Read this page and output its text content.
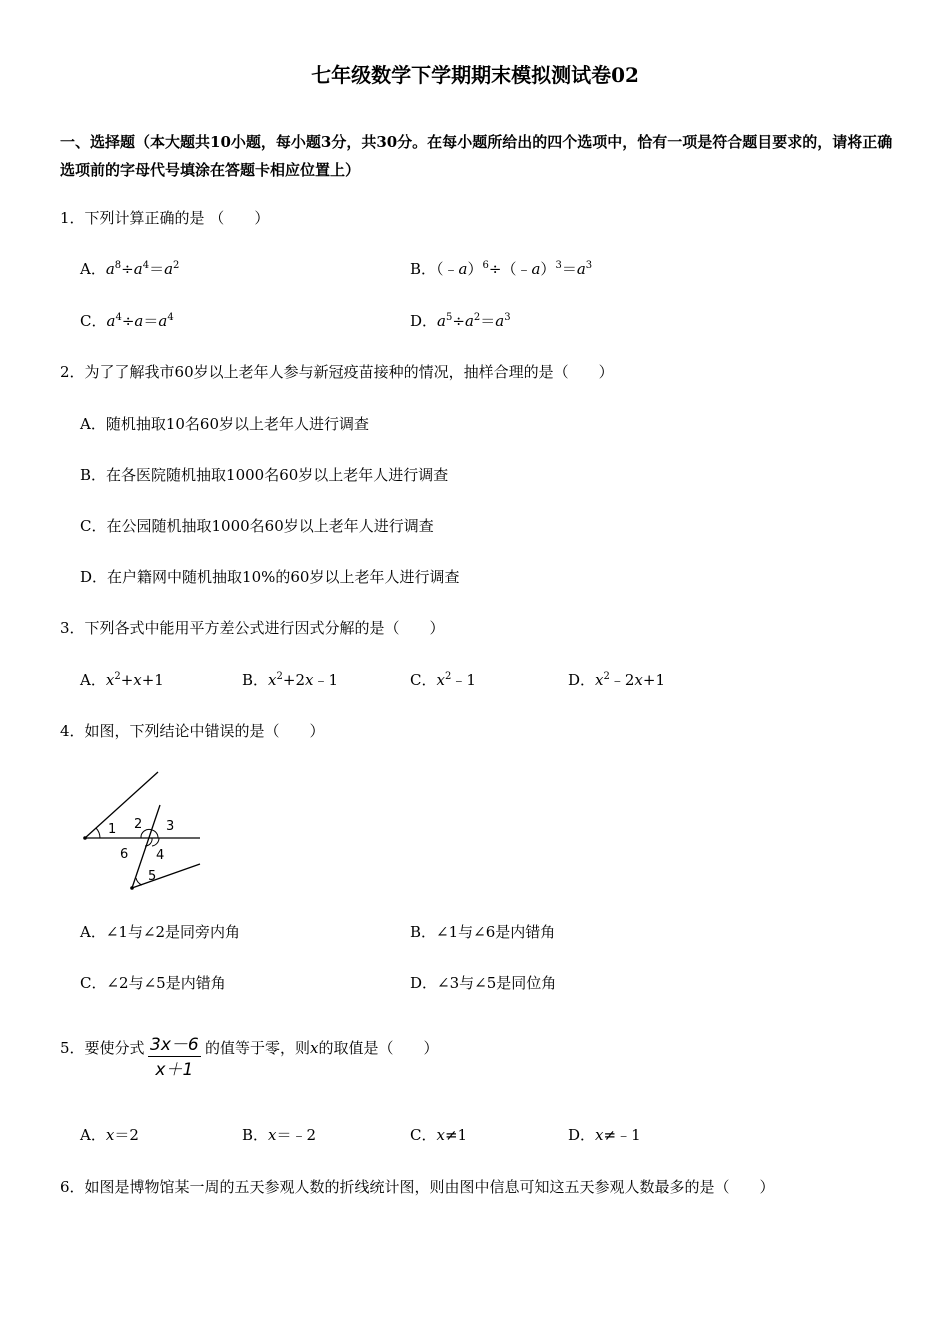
七年级数学下学期期末模拟测试卷02
一、选择题（本大题共10小题，每小题3分，共30分。在每小题所给出的四个选项中，恰有一项是符合题目要求的，请将正确选项前的字母代号填涂在答题卡相应位置上）
1．下列计算正确的是 （　　）
A．$a^8\div a^4=a^2$	B．$(﹣a)^6\div(﹣a)^3=a^3$
C．$a^4\div a=a^4$	D．$a^5\div a^2=a^3$
2．为了了解我市60岁以上老年人参与新冠疫苗接种的情况，抽样合理的是（　　）
A．随机抽取10名60岁以上老年人进行调查
B．在各医院随机抽取1000名60岁以上老年人进行调查
C．在公园随机抽取1000名60岁以上老年人进行调查
D．在户籍网中随机抽取10%的60岁以上老年人进行调查
3．下列各式中能用平方差公式进行因式分解的是（　　）
A．$x^2+x+1$	B．$x^2+2x﹣1$	C．$x^2﹣1$	D．$x^2﹣2x+1$
4．如图，下列结论中错误的是（　　）
1 2 3
6 4
5
A．∠1与∠2是同旁内角	B．∠1与∠6是内错角
C．∠2与∠5是内错角	D．∠3与∠5是同位角
5．要使分式 $\frac{3x-6}{x+1}$ 的值等于零，则x的取值是（　　）
A．x＝2	B．x＝﹣2	C．x≠1	D．x≠﹣1
6．如图是博物馆某一周的五天参观人数的折线统计图，则由图中信息可知这五天参观人数最多的是（　　）
